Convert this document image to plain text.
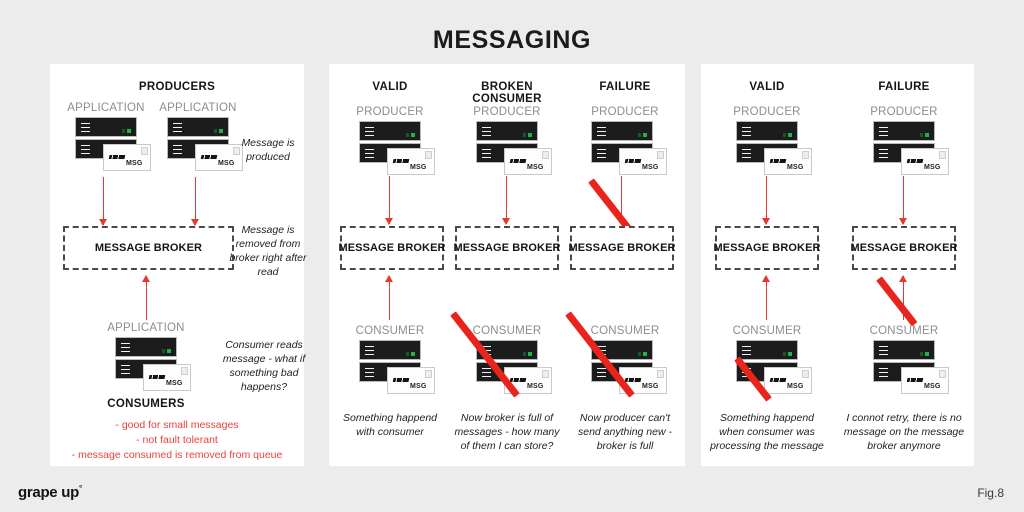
MESSAGING
PRODUCERS
APPLICATION
MSG
APPLICATION
MSG
MESSAGE BROKER
APPLICATION
MSG
CONSUMERS
- good for small messages
- not fault tolerant
- message consumed is removed from queue
Message is
produced
Message is
removed from
broker right after
read
Consumer reads
message - what if
something bad
happens?
VALID
PRODUCER
MSG
MESSAGE BROKER
CONSUMER
MSG
Something happend
with consumer
BROKEN CONSUMER
PRODUCER
MSG
MESSAGE BROKER
CONSUMER
MSG
Now broker is full of
messages - how many
of them I can store?
FAILURE
PRODUCER
MSG
MESSAGE BROKER
CONSUMER
MSG
Now producer can't
send anything new -
broker is full
VALID
PRODUCER
MSG
MESSAGE BROKER
CONSUMER
MSG
Something happend
when consumer was
processing the message
FAILURE
PRODUCER
MSG
MESSAGE BROKER
CONSUMER
MSG
I connot retry, there is no
message on the message
broker anymore
grape up°	Fig.8
